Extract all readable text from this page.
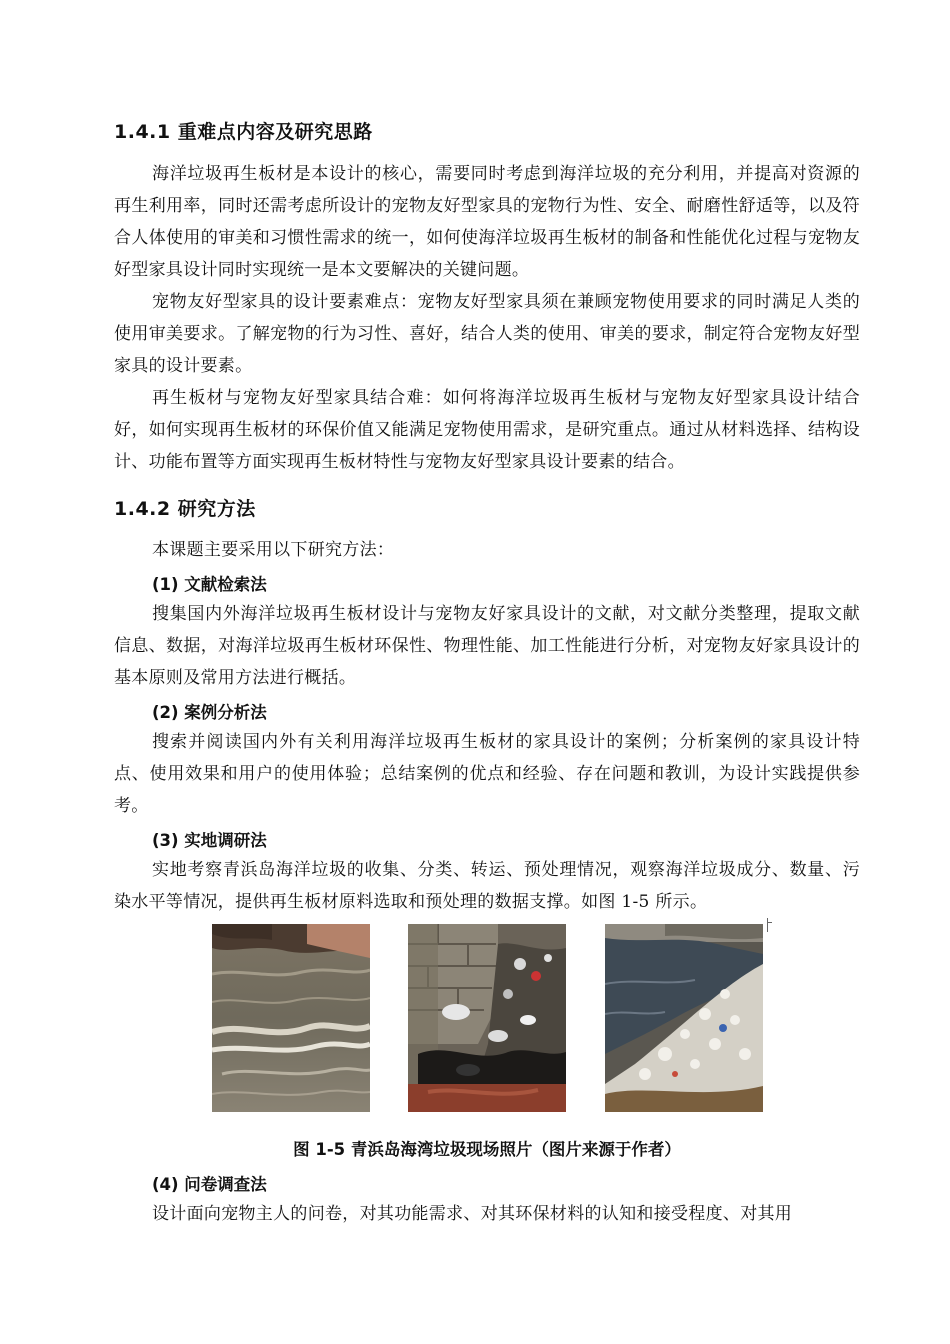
1.4.1 重难点内容及研究思路

海洋垃圾再生板材是本设计的核心，需要同时考虑到海洋垃圾的充分利用，并提高对资源的再生利用率，同时还需考虑所设计的宠物友好型家具的宠物行为性、安全、耐磨性舒适等，以及符合人体使用的审美和习惯性需求的统一，如何使海洋垃圾再生板材的制备和性能优化过程与宠物友好型家具设计同时实现统一是本文要解决的关键问题。

宠物友好型家具的设计要素难点：宠物友好型家具须在兼顾宠物使用要求的同时满足人类的使用审美要求。了解宠物的行为习性、喜好，结合人类的使用、审美的要求，制定符合宠物友好型家具的设计要素。

再生板材与宠物友好型家具结合难：如何将海洋垃圾再生板材与宠物友好型家具设计结合好，如何实现再生板材的环保价值又能满足宠物使用需求，是研究重点。通过从材料选择、结构设计、功能布置等方面实现再生板材特性与宠物友好型家具设计要素的结合。

1.4.2 研究方法

本课题主要采用以下研究方法：

(1) 文献检索法

搜集国内外海洋垃圾再生板材设计与宠物友好家具设计的文献，对文献分类整理，提取文献信息、数据，对海洋垃圾再生板材环保性、物理性能、加工性能进行分析，对宠物友好家具设计的基本原则及常用方法进行概括。

(2) 案例分析法

搜索并阅读国内外有关利用海洋垃圾再生板材的家具设计的案例；分析案例的家具设计特点、使用效果和用户的使用体验；总结案例的优点和经验、存在问题和教训，为设计实践提供参考。

(3) 实地调研法

实地考察青浜岛海洋垃圾的收集、分类、转运、预处理情况，观察海洋垃圾成分、数量、污染水平等情况，提供再生板材原料选取和预处理的数据支撑。如图 1-5 所示。

图 1-5 青浜岛海湾垃圾现场照片（图片来源于作者）
(4) 问卷调查法

设计面向宠物主人的问卷，对其功能需求、对其环保材料的认知和接受程度、对其用
